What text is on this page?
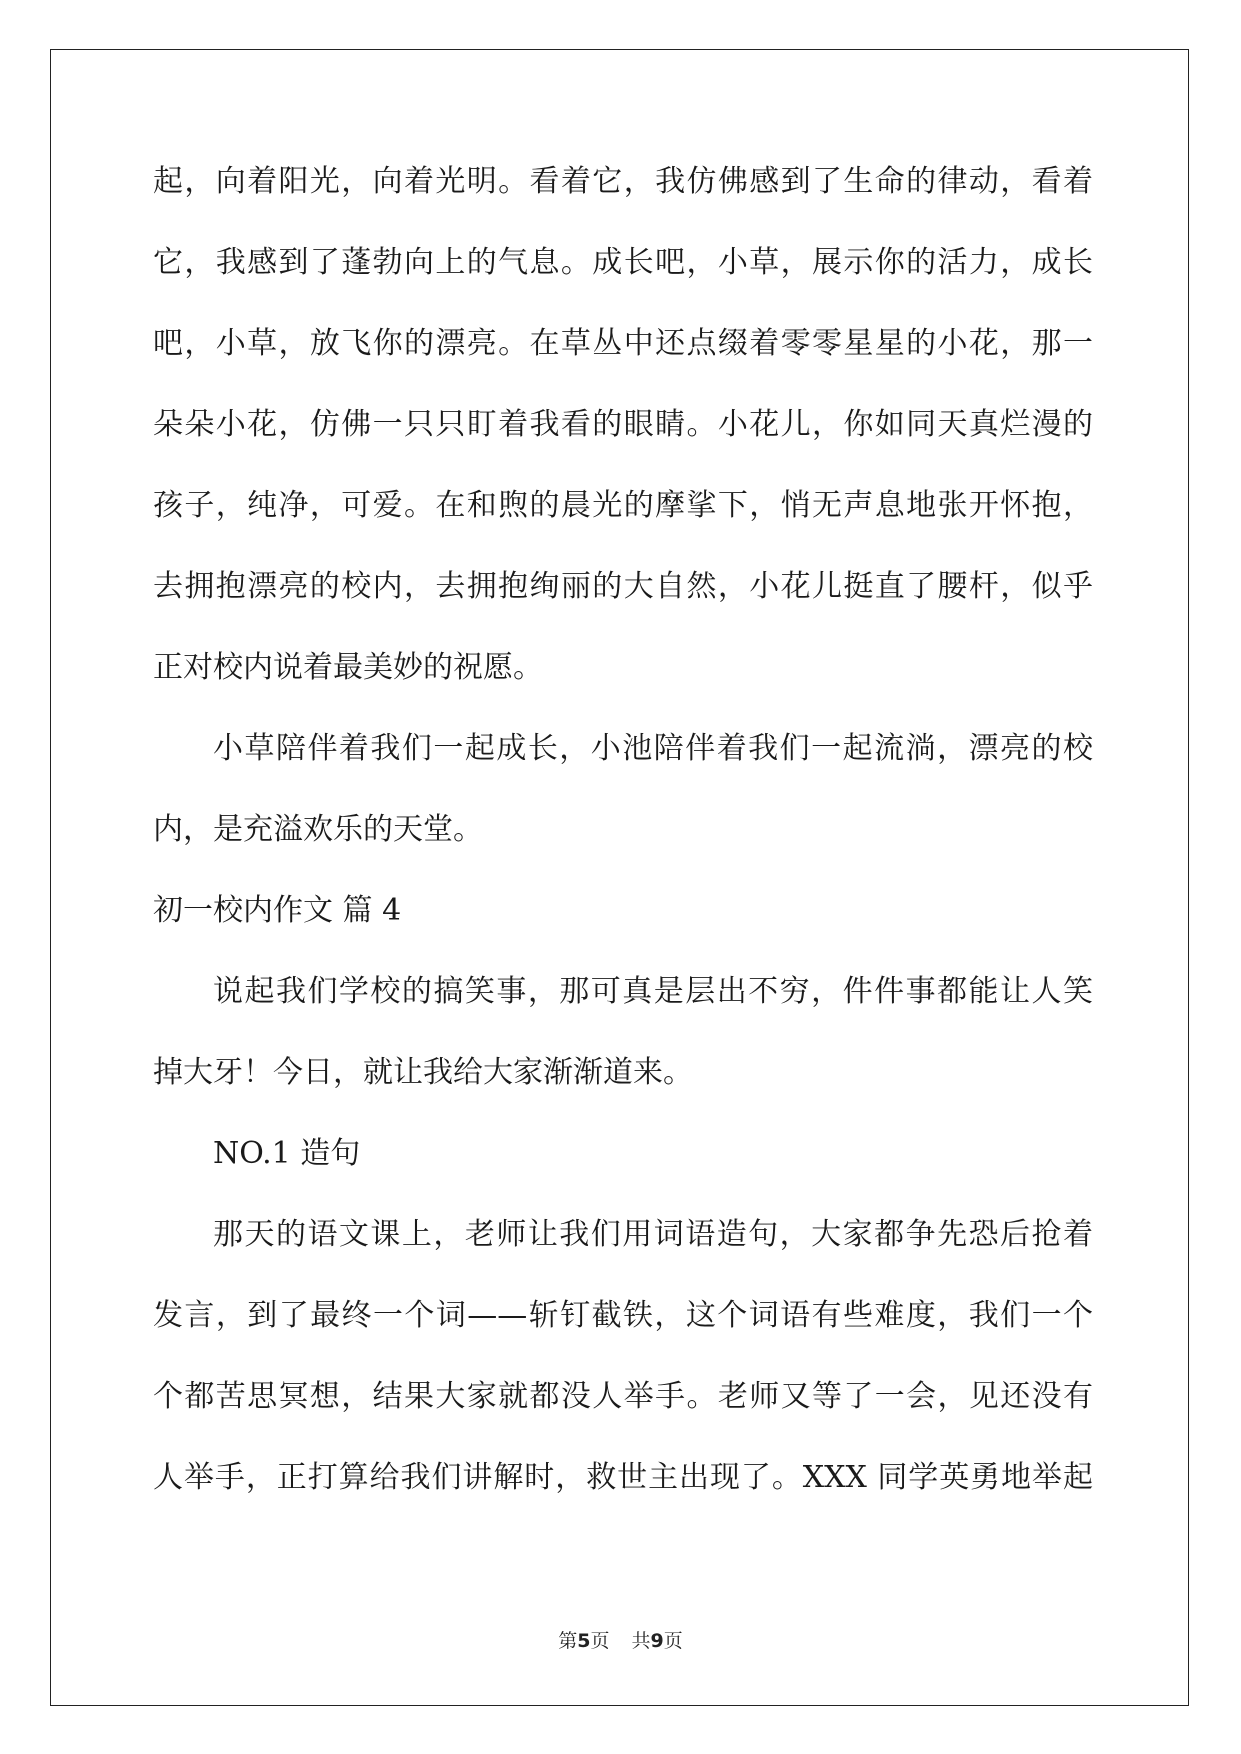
起，向着阳光，向着光明。看着它，我仿佛感到了生命的律动，看着
它，我感到了蓬勃向上的气息。成长吧，小草，展示你的活力，成长
吧，小草，放飞你的漂亮。在草丛中还点缀着零零星星的小花，那一
朵朵小花，仿佛一只只盯着我看的眼睛。小花儿，你如同天真烂漫的
孩子，纯净，可爱。在和煦的晨光的摩挲下，悄无声息地张开怀抱，
去拥抱漂亮的校内，去拥抱绚丽的大自然，小花儿挺直了腰杆，似乎
正对校内说着最美妙的祝愿。
小草陪伴着我们一起成长，小池陪伴着我们一起流淌，漂亮的校
内，是充溢欢乐的天堂。
初一校内作文 篇 4
说起我们学校的搞笑事，那可真是层出不穷，件件事都能让人笑
掉大牙！今日，就让我给大家渐渐道来。
NO.1 造句
那天的语文课上，老师让我们用词语造句，大家都争先恐后抢着
发言，到了最终一个词——斩钉截铁，这个词语有些难度，我们一个
个都苦思冥想，结果大家就都没人举手。老师又等了一会，见还没有
人举手，正打算给我们讲解时，救世主出现了。XXX 同学英勇地举起
第5页 共9页
